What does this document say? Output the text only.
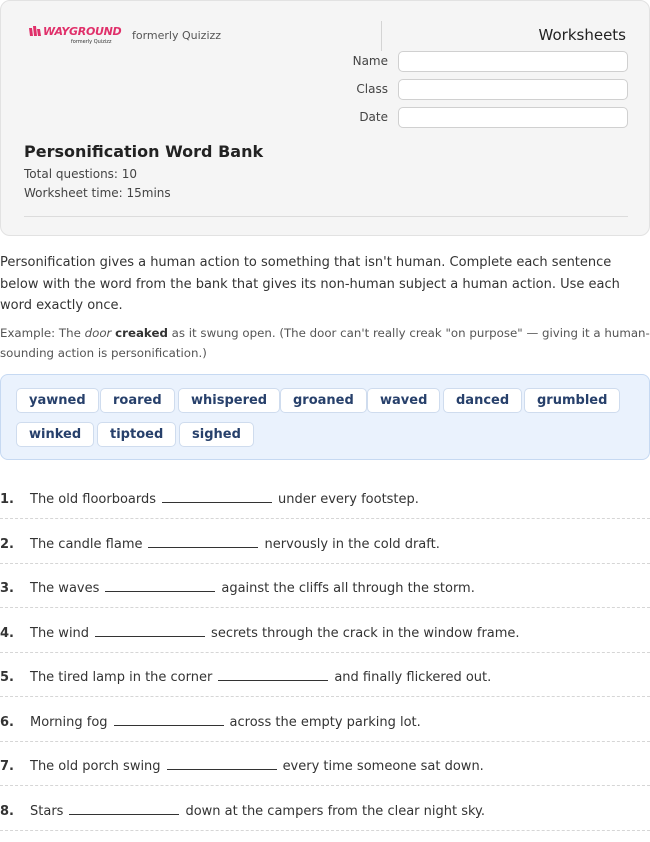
WAYGROUND
formerly Quizizz formerly Quizizz	Worksheets
Name
Class
Date
Personification Word Bank
Total questions: 10
Worksheet time: 15mins
Personification gives a human action to something that isn't human. Complete each sentence below with the word from the bank that gives its non-human subject a human action. Use each word exactly once.
Example: The door creaked as it swung open. (The door can't really creak "on purpose" — giving it a human-sounding action is personification.)
yawned	roared	whispered	groaned	waved	danced	grumbled
winked	tiptoed	sighed
1. The old floorboards	under every footstep.
2. The candle flame	nervously in the cold draft.
3. The waves	against the cliffs all through the storm.
4. The wind	secrets through the crack in the window frame.
5. The tired lamp in the corner	and finally flickered out.
6. Morning fog	across the empty parking lot.
7. The old porch swing	every time someone sat down.
8. Stars	down at the campers from the clear night sky.
